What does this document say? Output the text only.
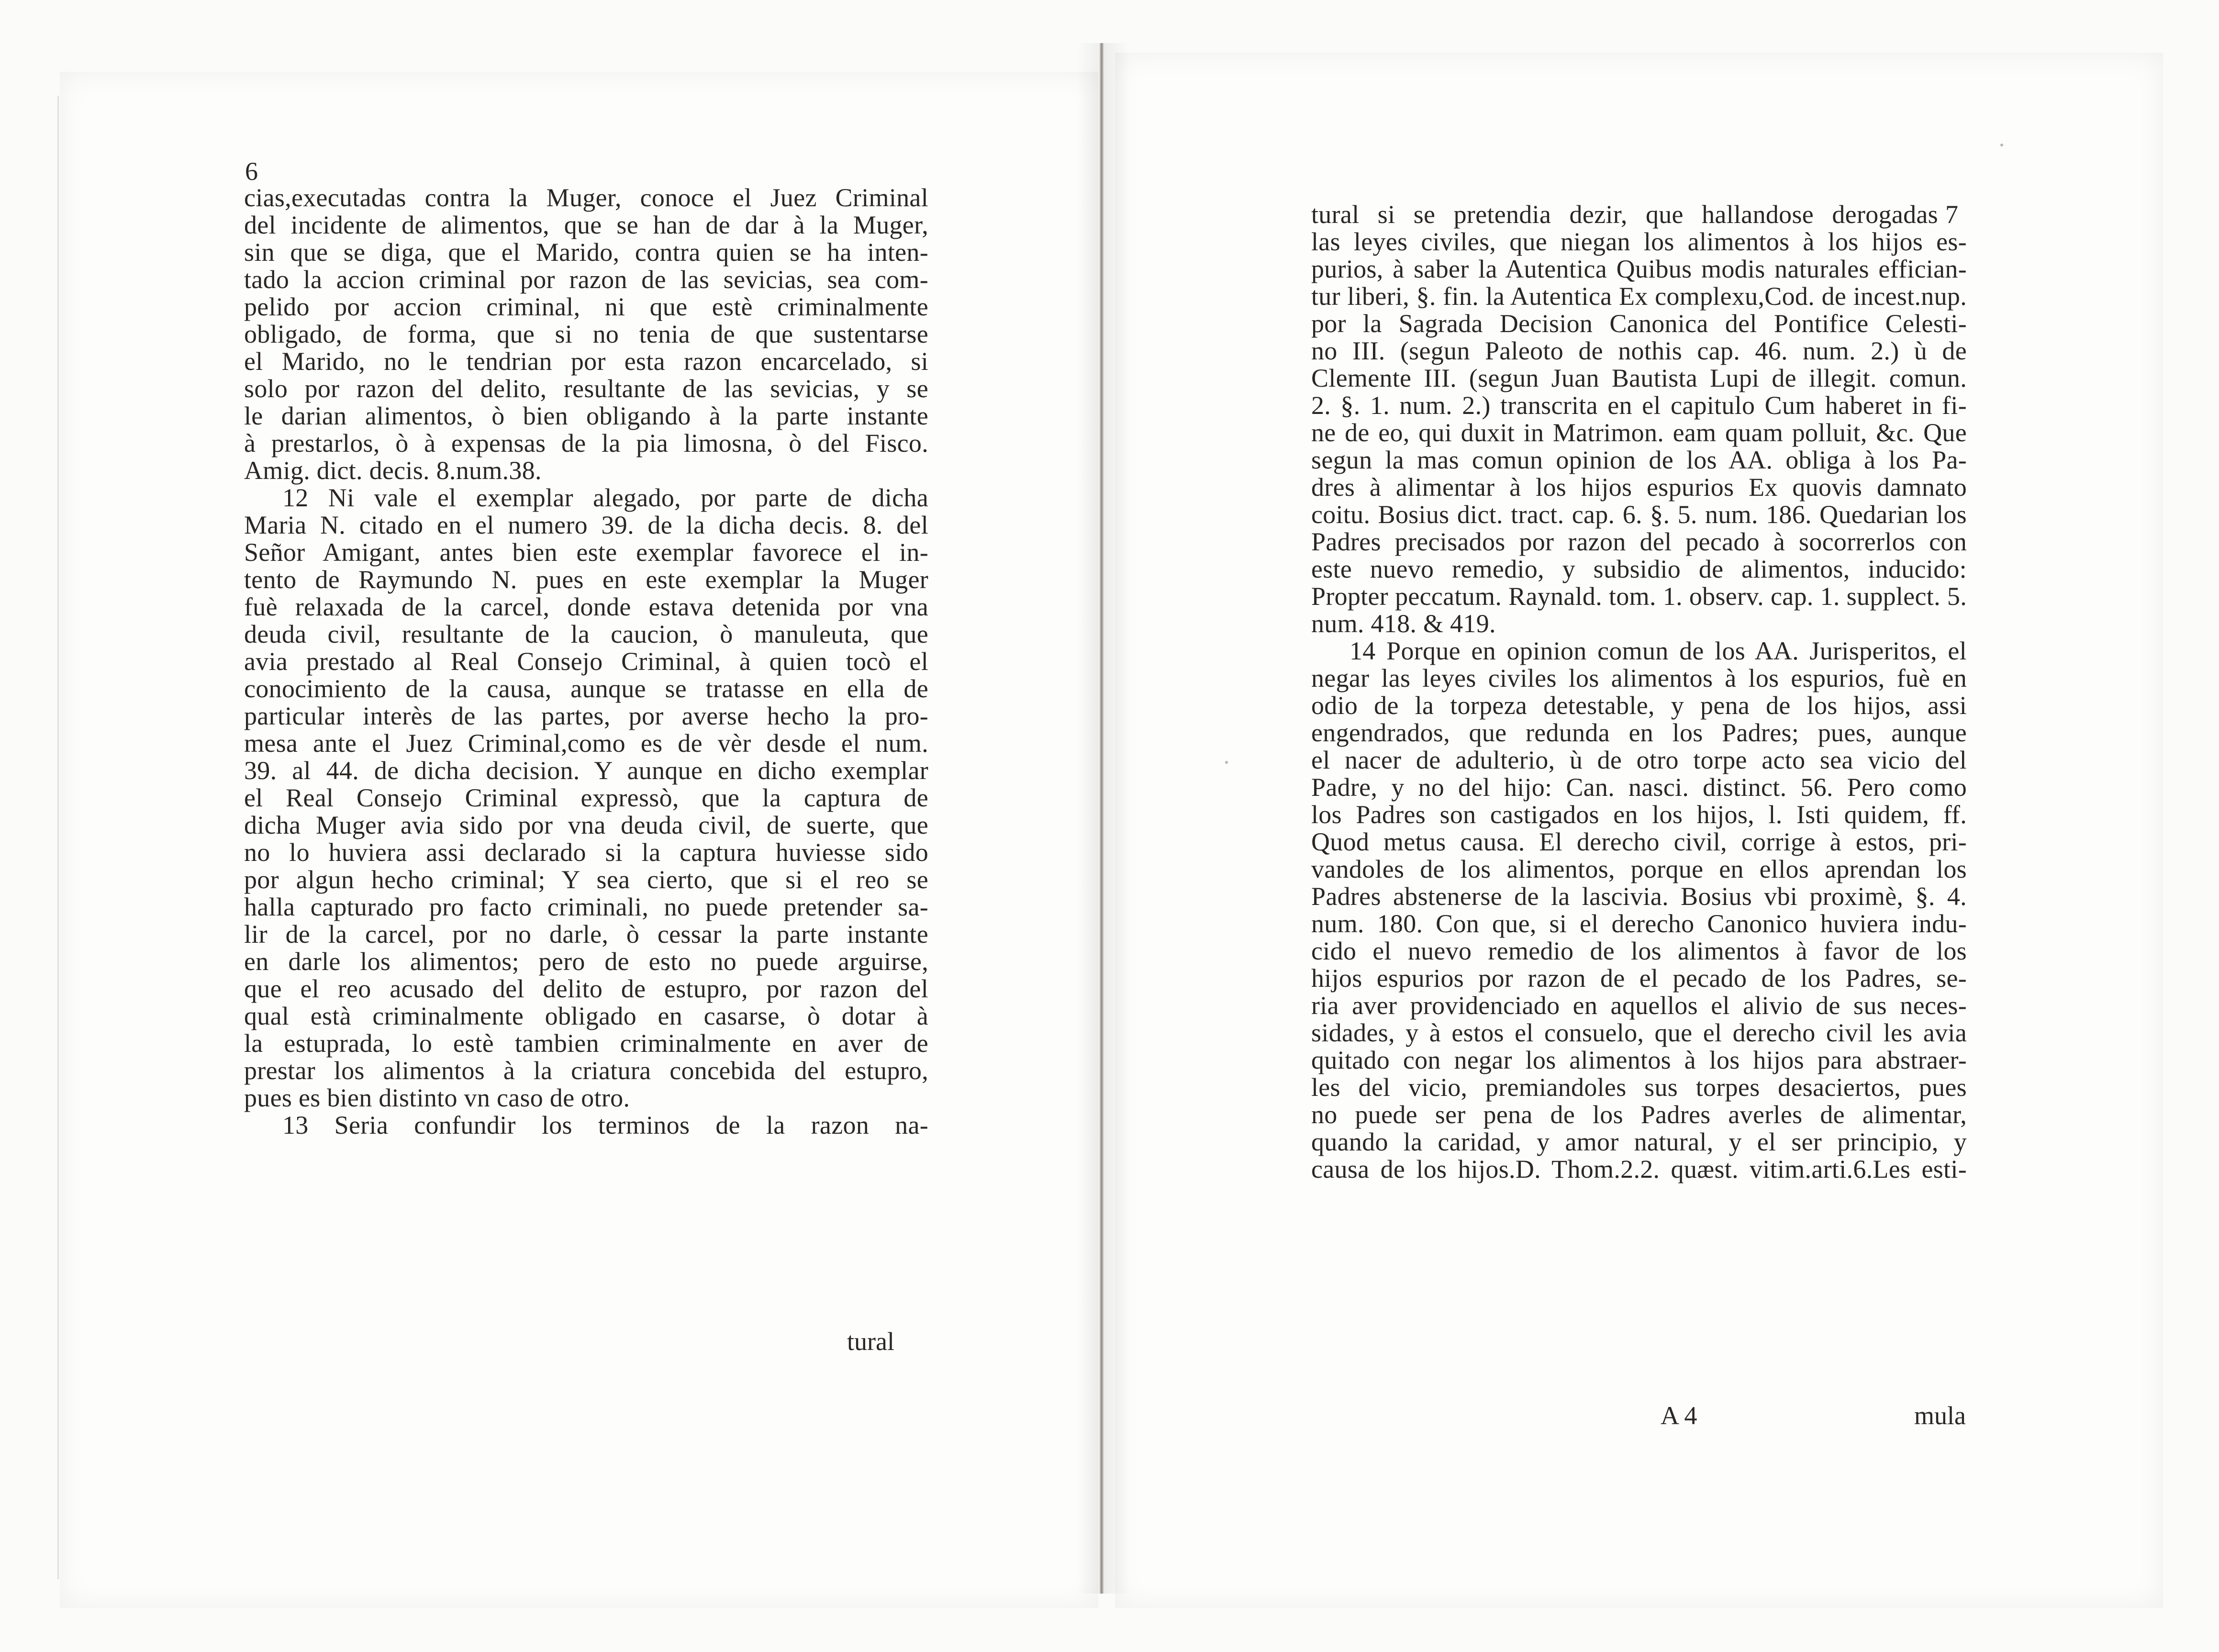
6
cias,executadas contra la Muger, conoce el Juez Criminal
del incidente de alimentos, que se han de dar à la Muger,
sin que se diga, que el Marido, contra quien se ha inten-
tado la accion criminal por razon de las sevicias, sea com-
pelido por accion criminal, ni que estè criminalmente
obligado, de forma, que si no tenia de que sustentarse
el Marido, no le tendrian por esta razon encarcelado, si
solo por razon del delito, resultante de las sevicias, y se
le darian alimentos, ò bien obligando à la parte instante
à prestarlos, ò à expensas de la pia limosna, ò del Fisco.
Amig. dict. decis. 8.num.38.
12 Ni vale el exemplar alegado, por parte de dicha
Maria N. citado en el numero 39. de la dicha decis. 8. del
Señor Amigant, antes bien este exemplar favorece el in-
tento de Raymundo N. pues en este exemplar la Muger
fuè relaxada de la carcel, donde estava detenida por vna
deuda civil, resultante de la caucion, ò manuleuta, que
avia prestado al Real Consejo Criminal, à quien tocò el
conocimiento de la causa, aunque se tratasse en ella de
particular interès de las partes, por averse hecho la pro-
mesa ante el Juez Criminal,como es de vèr desde el num.
39. al 44. de dicha decision. Y aunque en dicho exemplar
el Real Consejo Criminal expressò, que la captura de
dicha Muger avia sido por vna deuda civil, de suerte, que
no lo huviera assi declarado si la captura huviesse sido
por algun hecho criminal; Y sea cierto, que si el reo se
halla capturado pro facto criminali, no puede pretender sa-
lir de la carcel, por no darle, ò cessar la parte instante
en darle los alimentos; pero de esto no puede arguirse,
que el reo acusado del delito de estupro, por razon del
qual està criminalmente obligado en casarse, ò dotar à
la estuprada, lo estè tambien criminalmente en aver de
prestar los alimentos à la criatura concebida del estupro,
pues es bien distinto vn caso de otro.
13 Seria confundir los terminos de la razon na-
tural
7
tural si se pretendia dezir, que hallandose derogadas
las leyes civiles, que niegan los alimentos à los hijos es-
purios, à saber la Autentica Quibus modis naturales effician-
tur liberi, §. fin. la Autentica Ex complexu,Cod. de incest.nup.
por la Sagrada Decision Canonica del Pontifice Celesti-
no III. (segun Paleoto de nothis cap. 46. num. 2.) ù de
Clemente III. (segun Juan Bautista Lupi de illegit. comun.
2. §. 1. num. 2.) transcrita en el capitulo Cum haberet in fi-
ne de eo, qui duxit in Matrimon. eam quam polluit, &c. Que
segun la mas comun opinion de los AA. obliga à los Pa-
dres à alimentar à los hijos espurios Ex quovis damnato
coitu. Bosius dict. tract. cap. 6. §. 5. num. 186. Quedarian los
Padres precisados por razon del pecado à socorrerlos con
este nuevo remedio, y subsidio de alimentos, inducido:
Propter peccatum. Raynald. tom. 1. observ. cap. 1. supplect. 5.
num. 418. & 419.
14 Porque en opinion comun de los AA. Jurisperitos, el
negar las leyes civiles los alimentos à los espurios, fuè en
odio de la torpeza detestable, y pena de los hijos, assi
engendrados, que redunda en los Padres; pues, aunque
el nacer de adulterio, ù de otro torpe acto sea vicio del
Padre, y no del hijo: Can. nasci. distinct. 56. Pero como
los Padres son castigados en los hijos, l. Isti quidem, ff.
Quod metus causa. El derecho civil, corrige à estos, pri-
vandoles de los alimentos, porque en ellos aprendan los
Padres abstenerse de la lascivia. Bosius vbi proximè, §. 4.
num. 180. Con que, si el derecho Canonico huviera indu-
cido el nuevo remedio de los alimentos à favor de los
hijos espurios por razon de el pecado de los Padres, se-
ria aver providenciado en aquellos el alivio de sus neces-
sidades, y à estos el consuelo, que el derecho civil les avia
quitado con negar los alimentos à los hijos para abstraer-
les del vicio, premiandoles sus torpes desaciertos, pues
no puede ser pena de los Padres averles de alimentar,
quando la caridad, y amor natural, y el ser principio, y
causa de los hijos.D. Thom.2.2. quæst. vitim.arti.6.Les esti-
A 4	mula
